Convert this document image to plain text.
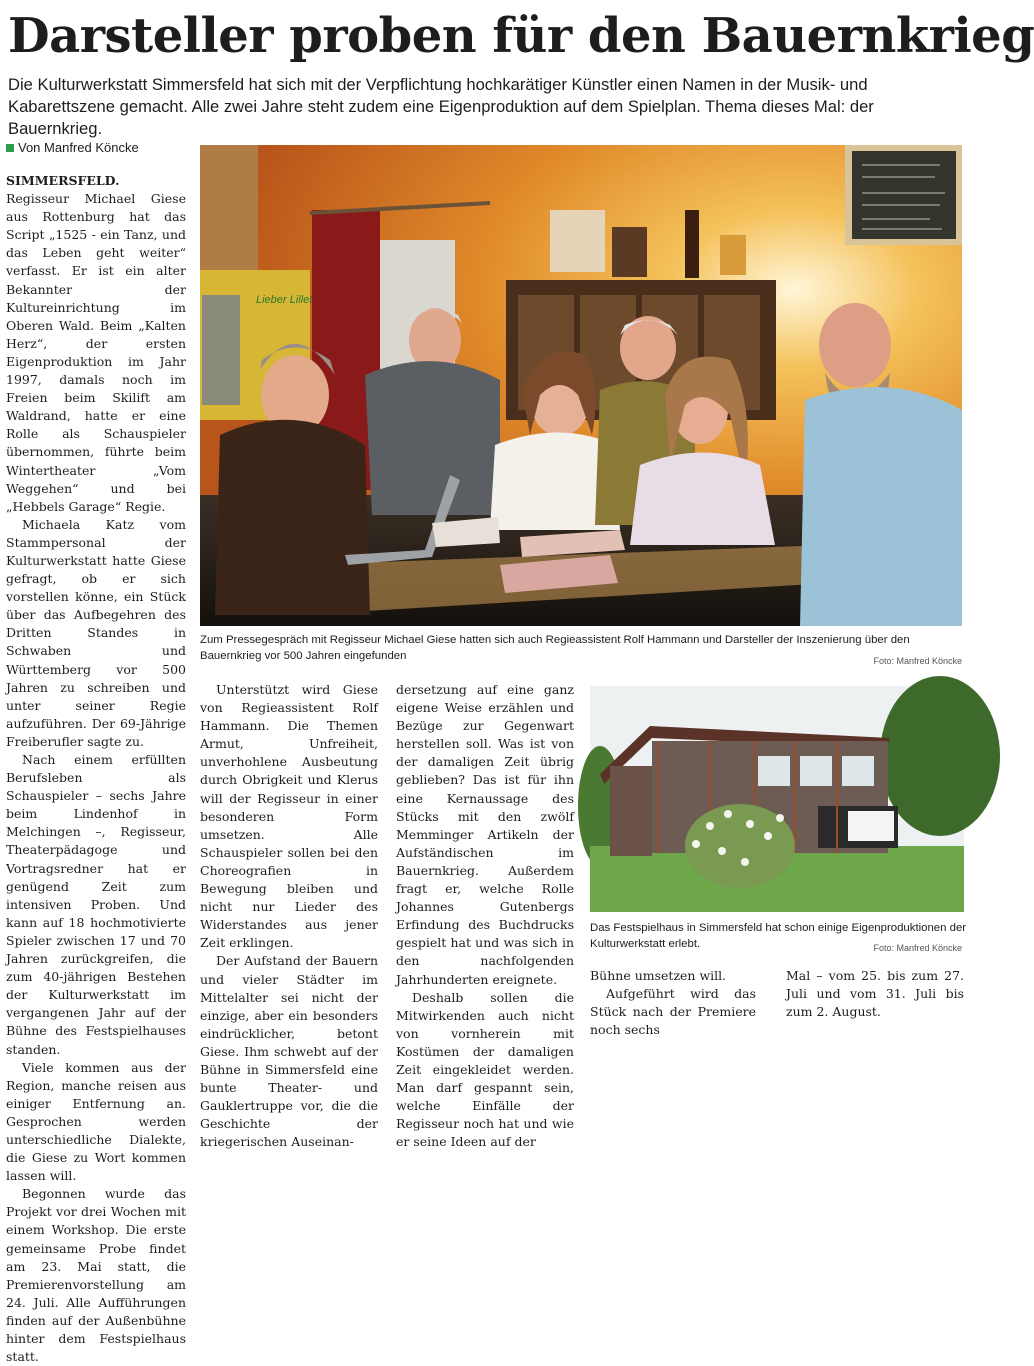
Darsteller proben für den Bauernkrieg

Die Kulturwerkstatt Simmersfeld hat sich mit der Verpflichtung hochkarätiger Künstler einen Namen in der Musik- und Kabarettszene gemacht. Alle zwei Jahre steht zudem eine Eigenproduktion auf dem Spielplan. Thema dieses Mal: der Bauernkrieg.

Von Manfred Köncke

SIMMERSFELD. Regisseur Michael Giese aus Rottenburg hat das Script „1525 - ein Tanz, und das Leben geht weiter“ verfasst. Er ist ein alter Bekannter der Kultureinrichtung im Oberen Wald. Beim „Kalten Herz“, der ersten Eigenproduktion im Jahr 1997, damals noch im Freien beim Skilift am Waldrand, hatte er eine Rolle als Schauspieler übernommen, führte beim Wintertheater „Vom Weggehen“ und bei „Hebbels Garage“ Regie.

Michaela Katz vom Stammpersonal der Kulturwerkstatt hatte Giese gefragt, ob er sich vorstellen könne, ein Stück über das Aufbegehren des Dritten Standes in Schwaben und Württemberg vor 500 Jahren zu schreiben und unter seiner Regie aufzuführen. Der 69-Jährige Freiberufler sagte zu.

Nach einem erfüllten Berufsleben als Schauspieler – sechs Jahre beim Lindenhof in Melchingen –, Regisseur, Theaterpädagoge und Vortragsredner hat er genügend Zeit zum intensiven Proben. Und kann auf 18 hochmotivierte Spieler zwischen 17 und 70 Jahren zurückgreifen, die zum 40-jährigen Bestehen der Kulturwerkstatt im vergangenen Jahr auf der Bühne des Festspielhauses standen.

Viele kommen aus der Region, manche reisen aus einiger Entfernung an. Gesprochen werden unterschiedliche Dialekte, die Giese zu Wort kommen lassen will.

Begonnen wurde das Projekt vor drei Wochen mit einem Workshop. Die erste gemeinsame Probe findet am 23. Mai statt, die Premierenvorstellung am 24. Juli. Alle Aufführungen finden auf der Außenbühne hinter dem Festspielhaus statt.

Lieber Lillet
Zum Pressegespräch mit Regisseur Michael Giese hatten sich auch Regieassistent Rolf Hammann und Darsteller der Inszenierung über den Bauernkrieg vor 500 Jahren eingefunden	Foto: Manfred Köncke

Unterstützt wird Giese von Regieassistent Rolf Hammann. Die Themen Armut, Unfreiheit, unverhohlene Ausbeutung durch Obrigkeit und Klerus will der Regisseur in einer besonderen Form umsetzen. Alle Schauspieler sollen bei den Choreografien in Bewegung bleiben und nicht nur Lieder des Widerstandes aus jener Zeit erklingen.

Der Aufstand der Bauern und vieler Städter im Mittelalter sei nicht der einzige, aber ein besonders eindrücklicher, betont Giese. Ihm schwebt auf der Bühne in Simmersfeld eine bunte Theater- und Gauklertruppe vor, die die Geschichte der kriegerischen Auseinan-

dersetzung auf eine ganz eigene Weise erzählen und Bezüge zur Gegenwart herstellen soll. Was ist von der damaligen Zeit übrig geblieben? Das ist für ihn eine Kernaussage des Stücks mit den zwölf Memminger Artikeln der Aufständischen im Bauernkrieg. Außerdem fragt er, welche Rolle Johannes Gutenbergs Erfindung des Buchdrucks gespielt hat und was sich in den nachfolgenden Jahrhunderten ereignete.

Deshalb sollen die Mitwirkenden auch nicht von vornherein mit Kostümen der damaligen Zeit eingekleidet werden. Man darf gespannt sein, welche Einfälle der Regisseur noch hat und wie er seine Ideen auf der

Das Festspielhaus in Simmersfeld hat schon einige Eigenproduktionen der Kulturwerkstatt erlebt.	Foto: Manfred Köncke

Bühne umsetzen will.

Aufgeführt wird das Stück nach der Premiere noch sechs

Mal – vom 25. bis zum 27. Juli und vom 31. Juli bis zum 2. August.
